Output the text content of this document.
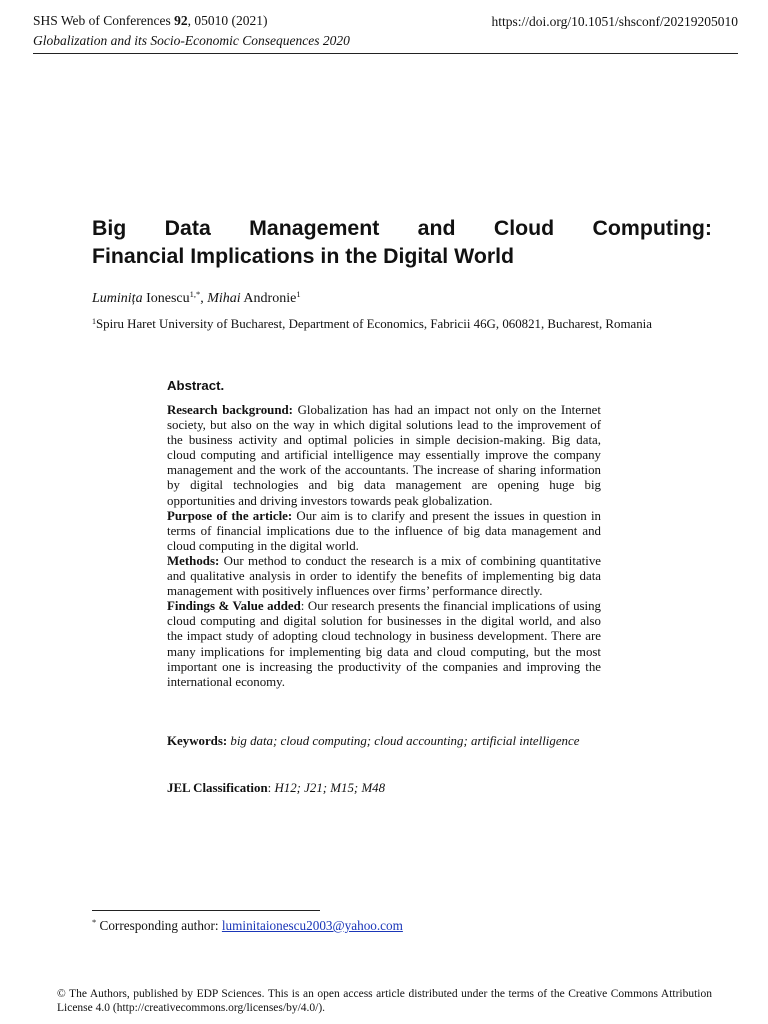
SHS Web of Conferences 92, 05010 (2021)	https://doi.org/10.1051/shsconf/20219205010
Globalization and its Socio-Economic Consequences 2020
Big Data Management and Cloud Computing:
Financial Implications in the Digital World
Luminița Ionescu$^{1,*}$, Mihai Andronie$^1$
$^1$Spiru Haret University of Bucharest, Department of Economics, Fabricii 46G, 060821, Bucharest, Romania
Abstract.

Research background: Globalization has had an impact not only on the Internet society, but also on the way in which digital solutions lead to the improvement of the business activity and optimal policies in simple decision-making. Big data, cloud computing and artificial intelligence may essentially improve the company management and the work of the accountants. The increase of sharing information by digital technologies and big data management are opening huge big opportunities and driving investors towards peak globalization.

Purpose of the article: Our aim is to clarify and present the issues in question in terms of financial implications due to the influence of big data management and cloud computing in the digital world.

Methods: Our method to conduct the research is a mix of combining quantitative and qualitative analysis in order to identify the benefits of implementing big data management with positively influences over firms’ performance directly.

Findings & Value added: Our research presents the financial implications of using cloud computing and digital solution for businesses in the digital world, and also the impact study of adopting cloud technology in business development. There are many implications for implementing big data and cloud computing, but the most important one is increasing the productivity of the companies and improving the international economy.

Keywords: big data; cloud computing; cloud accounting; artificial intelligence
JEL Classification: H12; J21; M15; M48
* Corresponding author: luminitaionescu2003@yahoo.com
© The Authors, published by EDP Sciences. This is an open access article distributed under the terms of the Creative Commons Attribution License 4.0 (http://creativecommons.org/licenses/by/4.0/).
